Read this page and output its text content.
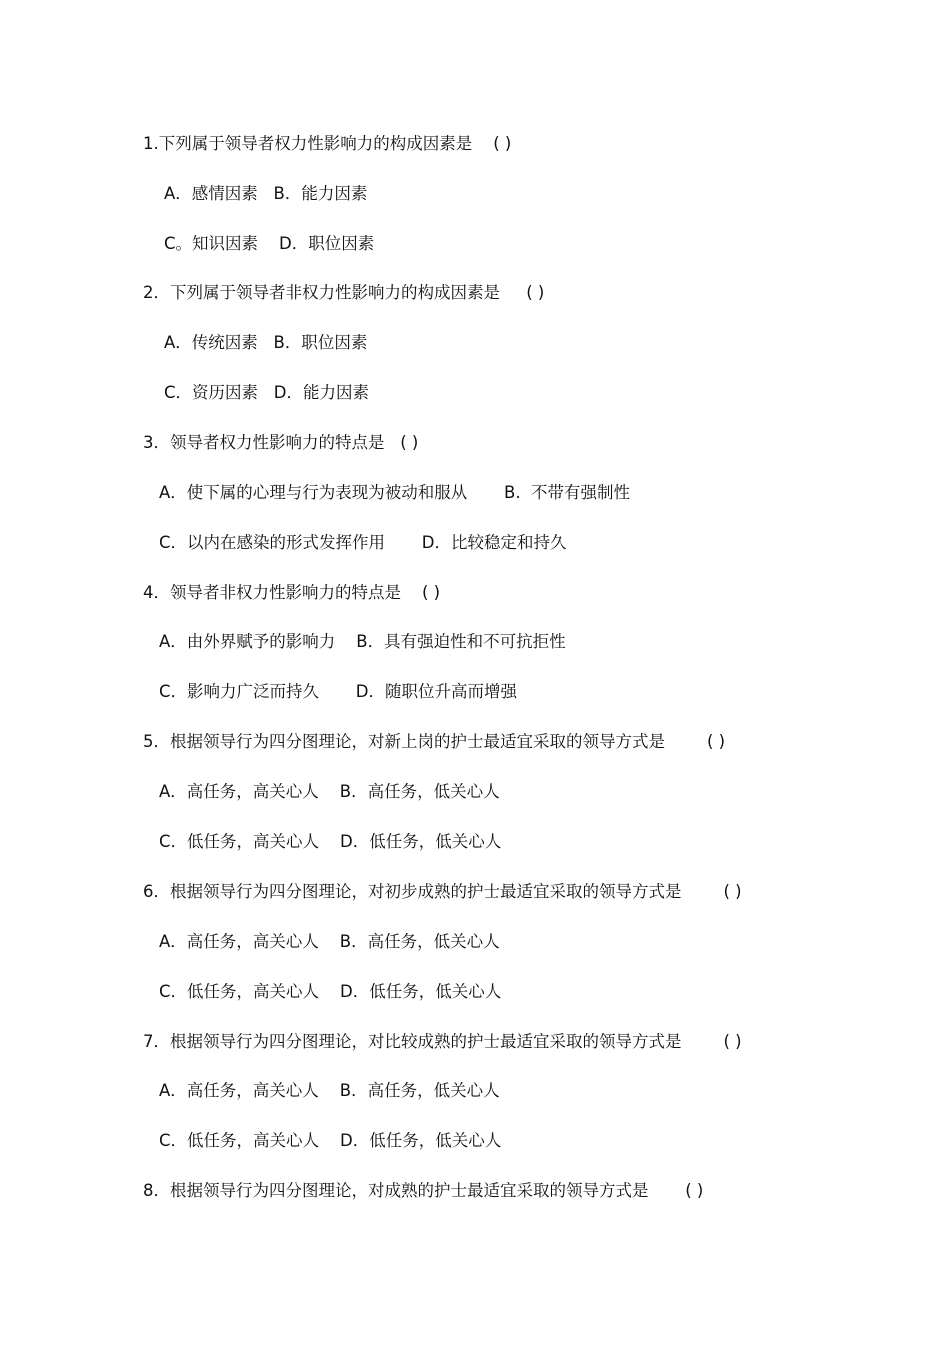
1.下列属于领导者权力性影响力的构成因素是    ( )
A．感情因素   B．能力因素
C。知识因素    D．职位因素
2．下列属于领导者非权力性影响力的构成因素是     ( )
A．传统因素   B．职位因素
C．资历因素   D．能力因素
3．领导者权力性影响力的特点是   ( )
A．使下属的心理与行为表现为被动和服从       B.  不带有强制性
C．以内在感染的形式发挥作用       D．比较稳定和持久
4．领导者非权力性影响力的特点是    ( )
A．由外界赋予的影响力    B．具有强迫性和不可抗拒性
C．影响力广泛而持久       D．随职位升高而增强
5．根据领导行为四分图理论，对新上岗的护士最适宜采取的领导方式是        ( )
A．高任务，高关心人    B．高任务，低关心人
C．低任务，高关心人    D．低任务，低关心人
6．根据领导行为四分图理论，对初步成熟的护士最适宜采取的领导方式是        ( )
A．高任务，高关心人    B．高任务，低关心人
C．低任务，高关心人    D．低任务，低关心人
7．根据领导行为四分图理论，对比较成熟的护士最适宜采取的领导方式是        ( )
A．高任务，高关心人    B．高任务，低关心人
C．低任务，高关心人    D．低任务，低关心人
8．根据领导行为四分图理论，对成熟的护士最适宜采取的领导方式是       ( )
